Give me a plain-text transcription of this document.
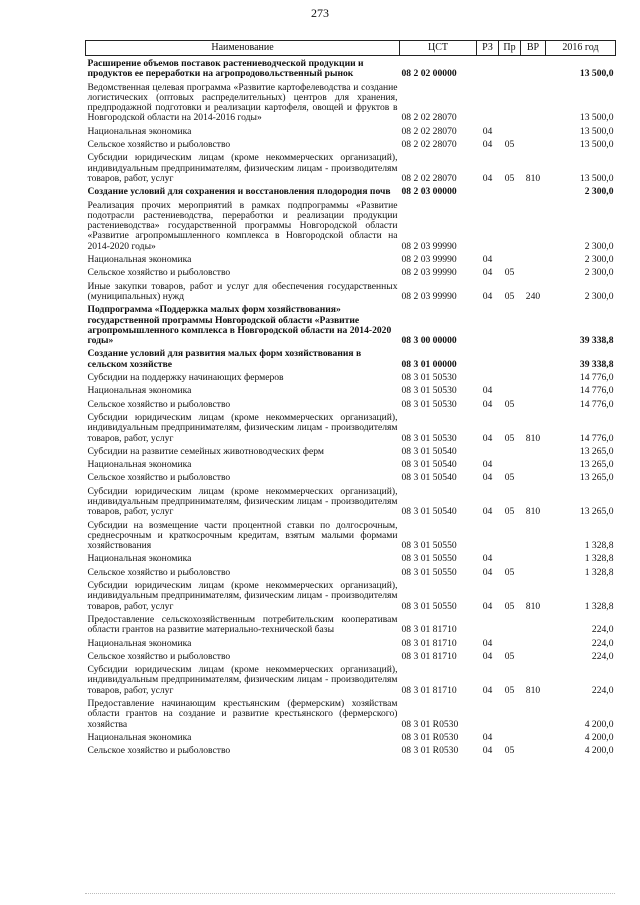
273
Наименование	ЦСТ	РЗ	Пр	ВР	2016 год
Расширение объемов поставок растениеводческой продукции и продуктов ее переработки на агропродовольственный рынок	08 2 02 00000				13 500,0
Ведомственная целевая программа «Развитие картофелеводства и создание логистических (оптовых распределительных) центров для хранения, предпродажной подготовки и реализации картофеля, овощей и фруктов в Новгородской области на 2014-2016 годы»	08 2 02 28070				13 500,0
Национальная экономика	08 2 02 28070	04			13 500,0
Сельское хозяйство и рыболовство	08 2 02 28070	04	05		13 500,0
Субсидии юридическим лицам (кроме некоммерческих организаций), индивидуальным предпринимателям, физическим лицам - производителям товаров, работ, услуг	08 2 02 28070	04	05	810	13 500,0
Создание условий для сохранения и восстановления плодородия почв	08 2 03 00000				2 300,0
Реализация прочих мероприятий в рамках подпрограммы «Развитие подотрасли растениеводства, переработки и реализации продукции растениеводства» государственной программы Новгородской области «Развитие агропромышленного комплекса в Новгородской области на 2014-2020 годы»	08 2 03 99990				2 300,0
Национальная экономика	08 2 03 99990	04			2 300,0
Сельское хозяйство и рыболовство	08 2 03 99990	04	05		2 300,0
Иные закупки товаров, работ и услуг для обеспечения государственных (муниципальных) нужд	08 2 03 99990	04	05	240	2 300,0
Подпрограмма «Поддержка малых форм хозяйствования» государственной программы Новгородской области «Развитие агропромышленного комплекса в Новгородской области на 2014-2020 годы»	08 3 00 00000				39 338,8
Создание условий для развития малых форм хозяйствования в сельском хозяйстве	08 3 01 00000				39 338,8
Субсидии на поддержку начинающих фермеров	08 3 01 50530				14 776,0
Национальная экономика	08 3 01 50530	04			14 776,0
Сельское хозяйство и рыболовство	08 3 01 50530	04	05		14 776,0
Субсидии юридическим лицам (кроме некоммерческих организаций), индивидуальным предпринимателям, физическим лицам - производителям товаров, работ, услуг	08 3 01 50530	04	05	810	14 776,0
Субсидии на развитие семейных животноводческих ферм	08 3 01 50540				13 265,0
Национальная экономика	08 3 01 50540	04			13 265,0
Сельское хозяйство и рыболовство	08 3 01 50540	04	05		13 265,0
Субсидии юридическим лицам (кроме некоммерческих организаций), индивидуальным предпринимателям, физическим лицам - производителям товаров, работ, услуг	08 3 01 50540	04	05	810	13 265,0
Субсидии на возмещение части процентной ставки по долгосрочным, среднесрочным и краткосрочным кредитам, взятым малыми формами хозяйствования	08 3 01 50550				1 328,8
Национальная экономика	08 3 01 50550	04			1 328,8
Сельское хозяйство и рыболовство	08 3 01 50550	04	05		1 328,8
Субсидии юридическим лицам (кроме некоммерческих организаций), индивидуальным предпринимателям, физическим лицам - производителям товаров, работ, услуг	08 3 01 50550	04	05	810	1 328,8
Предоставление сельскохозяйственным потребительским кооперативам области грантов на развитие материально-технической базы	08 3 01 81710				224,0
Национальная экономика	08 3 01 81710	04			224,0
Сельское хозяйство и рыболовство	08 3 01 81710	04	05		224,0
Субсидии юридическим лицам (кроме некоммерческих организаций), индивидуальным предпринимателям, физическим лицам - производителям товаров, работ, услуг	08 3 01 81710	04	05	810	224,0
Предоставление начинающим крестьянским (фермерским) хозяйствам области грантов на создание и развитие крестьянского (фермерского) хозяйства	08 3 01 R0530				4 200,0
Национальная экономика	08 3 01 R0530	04			4 200,0
Сельское хозяйство и рыболовство	08 3 01 R0530	04	05		4 200,0
